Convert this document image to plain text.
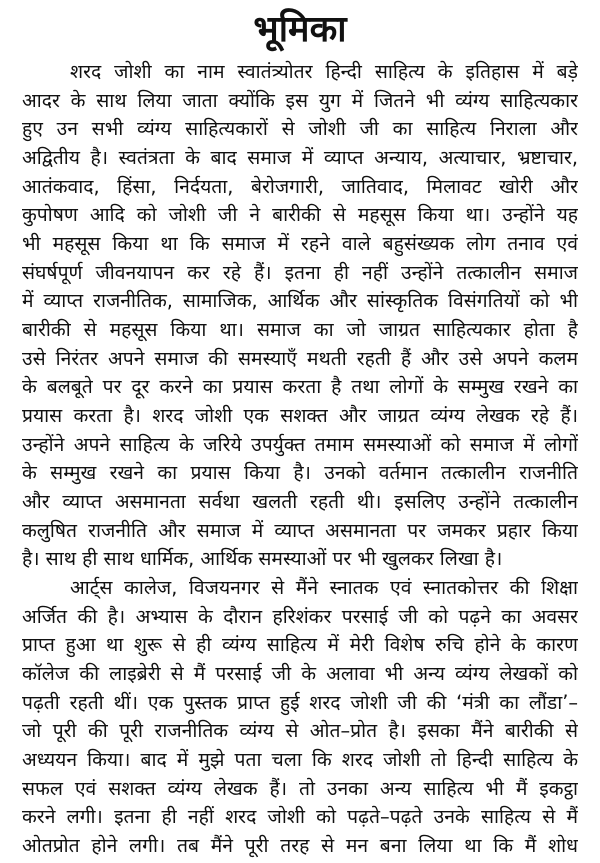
भूमिका
शरद जोशी का नाम स्वातंत्र्योतर हिन्दी साहित्य के इतिहास में बड़े
आदर के साथ लिया जाता क्योंकि इस युग में जितने भी व्यंग्य साहित्यकार
हुए उन सभी व्यंग्य साहित्यकारों से जोशी जी का साहित्य निराला और
अद्वितीय है। स्वतंत्रता के बाद समाज में व्याप्त अन्याय, अत्याचार, भ्रष्टाचार,
आतंकवाद, हिंसा, निर्दयता, बेरोजगारी, जातिवाद, मिलावट खोरी और
कुपोषण आदि को जोशी जी ने बारीकी से महसूस किया था। उन्होंने यह
भी महसूस किया था कि समाज में रहने वाले बहुसंख्यक लोग तनाव एवं
संघर्षपूर्ण जीवनयापन कर रहे हैं। इतना ही नहीं उन्होंने तत्कालीन समाज
में व्याप्त राजनीतिक, सामाजिक, आर्थिक और सांस्कृतिक विसंगतियों को भी
बारीकी से महसूस किया था। समाज का जो जाग्रत साहित्यकार होता है
उसे निरंतर अपने समाज की समस्याएँ मथती रहती हैं और उसे अपने कलम
के बलबूते पर दूर करने का प्रयास करता है तथा लोगों के सम्मुख रखने का
प्रयास करता है। शरद जोशी एक सशक्त और जाग्रत व्यंग्य लेखक रहे हैं।
उन्होंने अपने साहित्य के जरिये उपर्युक्त तमाम समस्याओं को समाज में लोगों
के सम्मुख रखने का प्रयास किया है। उनको वर्तमान तत्कालीन राजनीति
और व्याप्त असमानता सर्वथा खलती रहती थी। इसलिए उन्होंने तत्कालीन
कलुषित राजनीति और समाज में व्याप्त असमानता पर जमकर प्रहार किया
है। साथ ही साथ धार्मिक, आर्थिक समस्याओं पर भी खुलकर लिखा है।
आर्ट्स कालेज, विजयनगर से मैंने स्नातक एवं स्नातकोत्तर की शिक्षा
अर्जित की है। अभ्यास के दौरान हरिशंकर परसाई जी को पढ़ने का अवसर
प्राप्त हुआ था शुरू से ही व्यंग्य साहित्य में मेरी विशेष रुचि होने के कारण
कॉलेज की लाइब्रेरी से मैं परसाई जी के अलावा भी अन्य व्यंग्य लेखकों को
पढ़ती रहती थीं। एक पुस्तक प्राप्त हुई शरद जोशी जी की ‘मंत्री का लौंडा’–
जो पूरी की पूरी राजनीतिक व्यंग्य से ओत–प्रोत है। इसका मैंने बारीकी से
अध्ययन किया। बाद में मुझे पता चला कि शरद जोशी तो हिन्दी साहित्य के
सफल एवं सशक्त व्यंग्य लेखक हैं। तो उनका अन्य साहित्य भी मैं इकट्ठा
करने लगी। इतना ही नहीं शरद जोशी को पढ़ते–पढ़ते उनके साहित्य से मैं
ओतप्रोत होने लगी। तब मैंने पूरी तरह से मन बना लिया था कि मैं शोध
